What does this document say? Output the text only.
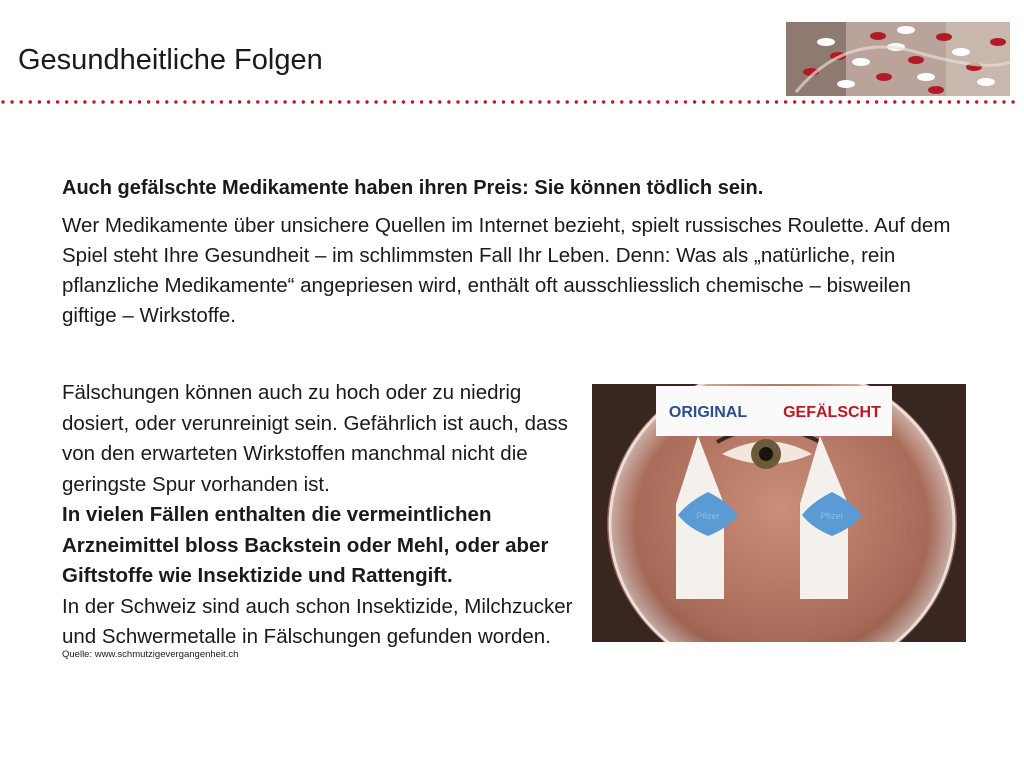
Gesundheitliche Folgen
Auch gefälschte Medikamente haben ihren Preis: Sie können tödlich sein.

Wer Medikamente über unsichere Quellen im Internet bezieht, spielt russisches Roulette. Auf dem Spiel steht Ihre Gesundheit – im schlimmsten Fall Ihr Leben. Denn: Was als „natürliche, rein pflanzliche Medikamente“ angepriesen wird, enthält oft ausschliesslich chemische – bisweilen giftige – Wirkstoffe.

Fälschungen können auch zu hoch oder zu niedrig dosiert, oder verunreinigt sein. Gefährlich ist auch, dass von den erwarteten Wirkstoffen manchmal nicht die geringste Spur vorhanden ist.
In vielen Fällen enthalten die vermeintlichen Arzneimittel bloss Backstein oder Mehl, oder aber Giftstoffe wie Insektizide und Rattengift.
In der Schweiz sind auch schon Insektizide, Milchzucker und Schwermetalle in Fälschungen gefunden worden.
Quelle: www.schmutzigevergangenheit.ch
ORIGINAL GEFÄLSCHT
Pfizer	Pfizer
